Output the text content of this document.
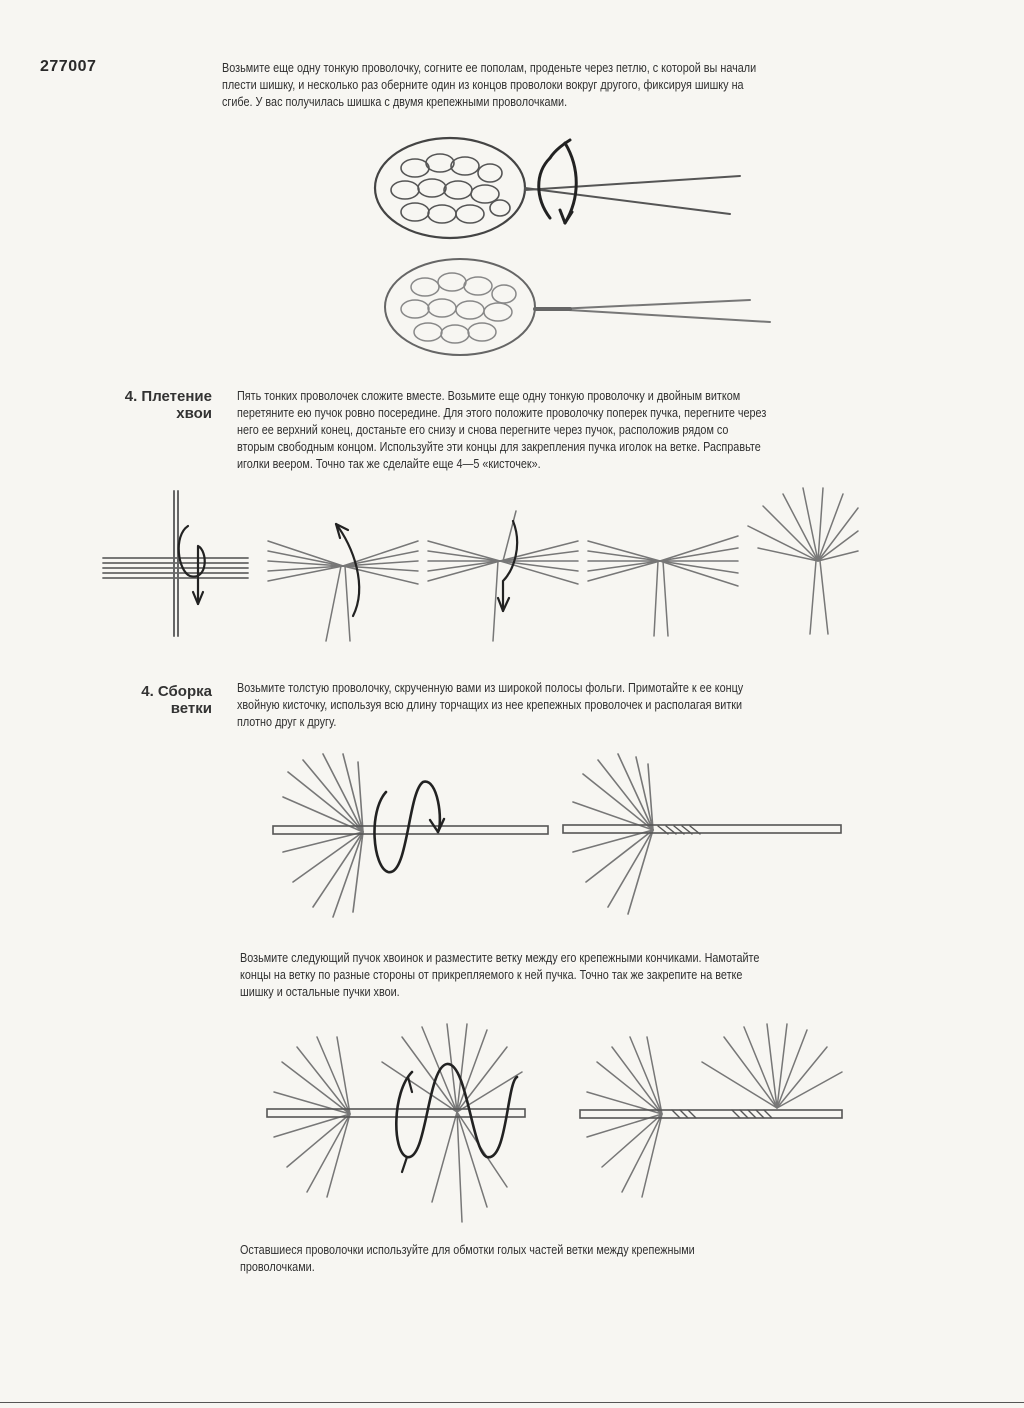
277007	Возьмите еще одну тонкую проволочку, согните ее пополам, проденьте через петлю, с которой вы начали
плести шишку, и несколько раз оберните один из концов проволоки вокруг другого, фиксируя шишку на
сгибе. У вас получилась шишка с двумя крепежными проволочками.
4. Плетение
хвои
Пять тонких проволочек сложите вместе. Возьмите еще одну тонкую проволочку и двойным витком
перетяните ею пучок ровно посередине. Для этого положите проволочку поперек пучка, перегните через
него ее верхний конец, достаньте его снизу и снова перегните через пучок, расположив рядом со
вторым свободным концом. Используйте эти концы для закрепления пучка иголок на ветке. Расправьте
иголки веером. Точно так же сделайте еще 4—5 «кисточек».
4. Сборка
ветки
Возьмите толстую проволочку, скрученную вами из широкой полосы фольги. Примотайте к ее концу
хвойную кисточку, используя всю длину торчащих из нее крепежных проволочек и располагая витки
плотно друг к другу.
Возьмите следующий пучок хвоинок и разместите ветку между его крепежными кончиками. Намотайте
концы на ветку по разные стороны от прикрепляемого к ней пучка. Точно так же закрепите на ветке
шишку и остальные пучки хвои.
Оставшиеся проволочки используйте для обмотки голых частей ветки между крепежными
проволочками.
